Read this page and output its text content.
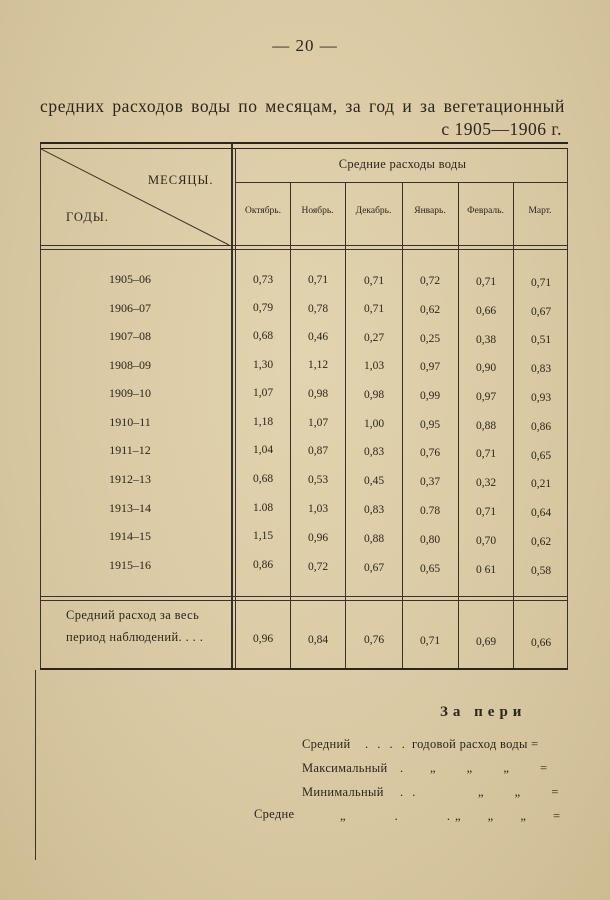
— 20 —
средних расходов воды по месяцам, за год и за вегетационный
с 1905—1906 г.
МЕСЯЦЫ.
ГОДЫ.
Средние расходы воды
Октябрь.	Ноябрь.	Декабрь.	Январь.	Февраль.	Март.
1905–06	0,73	0,71	0,71	0,72	0,71	0,71
1906–07	0,79	0,78	0,71	0,62	0,66	0,67
1907–08	0,68	0,46	0,27	0,25	0,38	0,51
1908–09	1,30	1,12	1,03	0,97	0,90	0,83
1909–10	1,07	0,98	0,98	0,99	0,97	0,93
1910–11	1,18	1,07	1,00	0,95	0,88	0,86
1911–12	1,04	0,87	0,83	0,76	0,71	0,65
1912–13	0,68	0,53	0,45	0,37	0,32	0,21
1913–14	1.08	1,03	0,83	0.78	0,71	0,64
1914–15	1,15	0,96	0,88	0,80	0,70	0,62
1915–16	0,86	0,72	0,67	0,65	0 61	0,58
Средний расход за весь
период наблюдений. . . .	0,96	0,84	0,76	0,71	0,69	0,66
За пери
Средний . . . . годовой расход воды =
Максимальный . „ „ „ =
Минимальный . .	„ „ =
Средне	„ . . „ „ „ =
